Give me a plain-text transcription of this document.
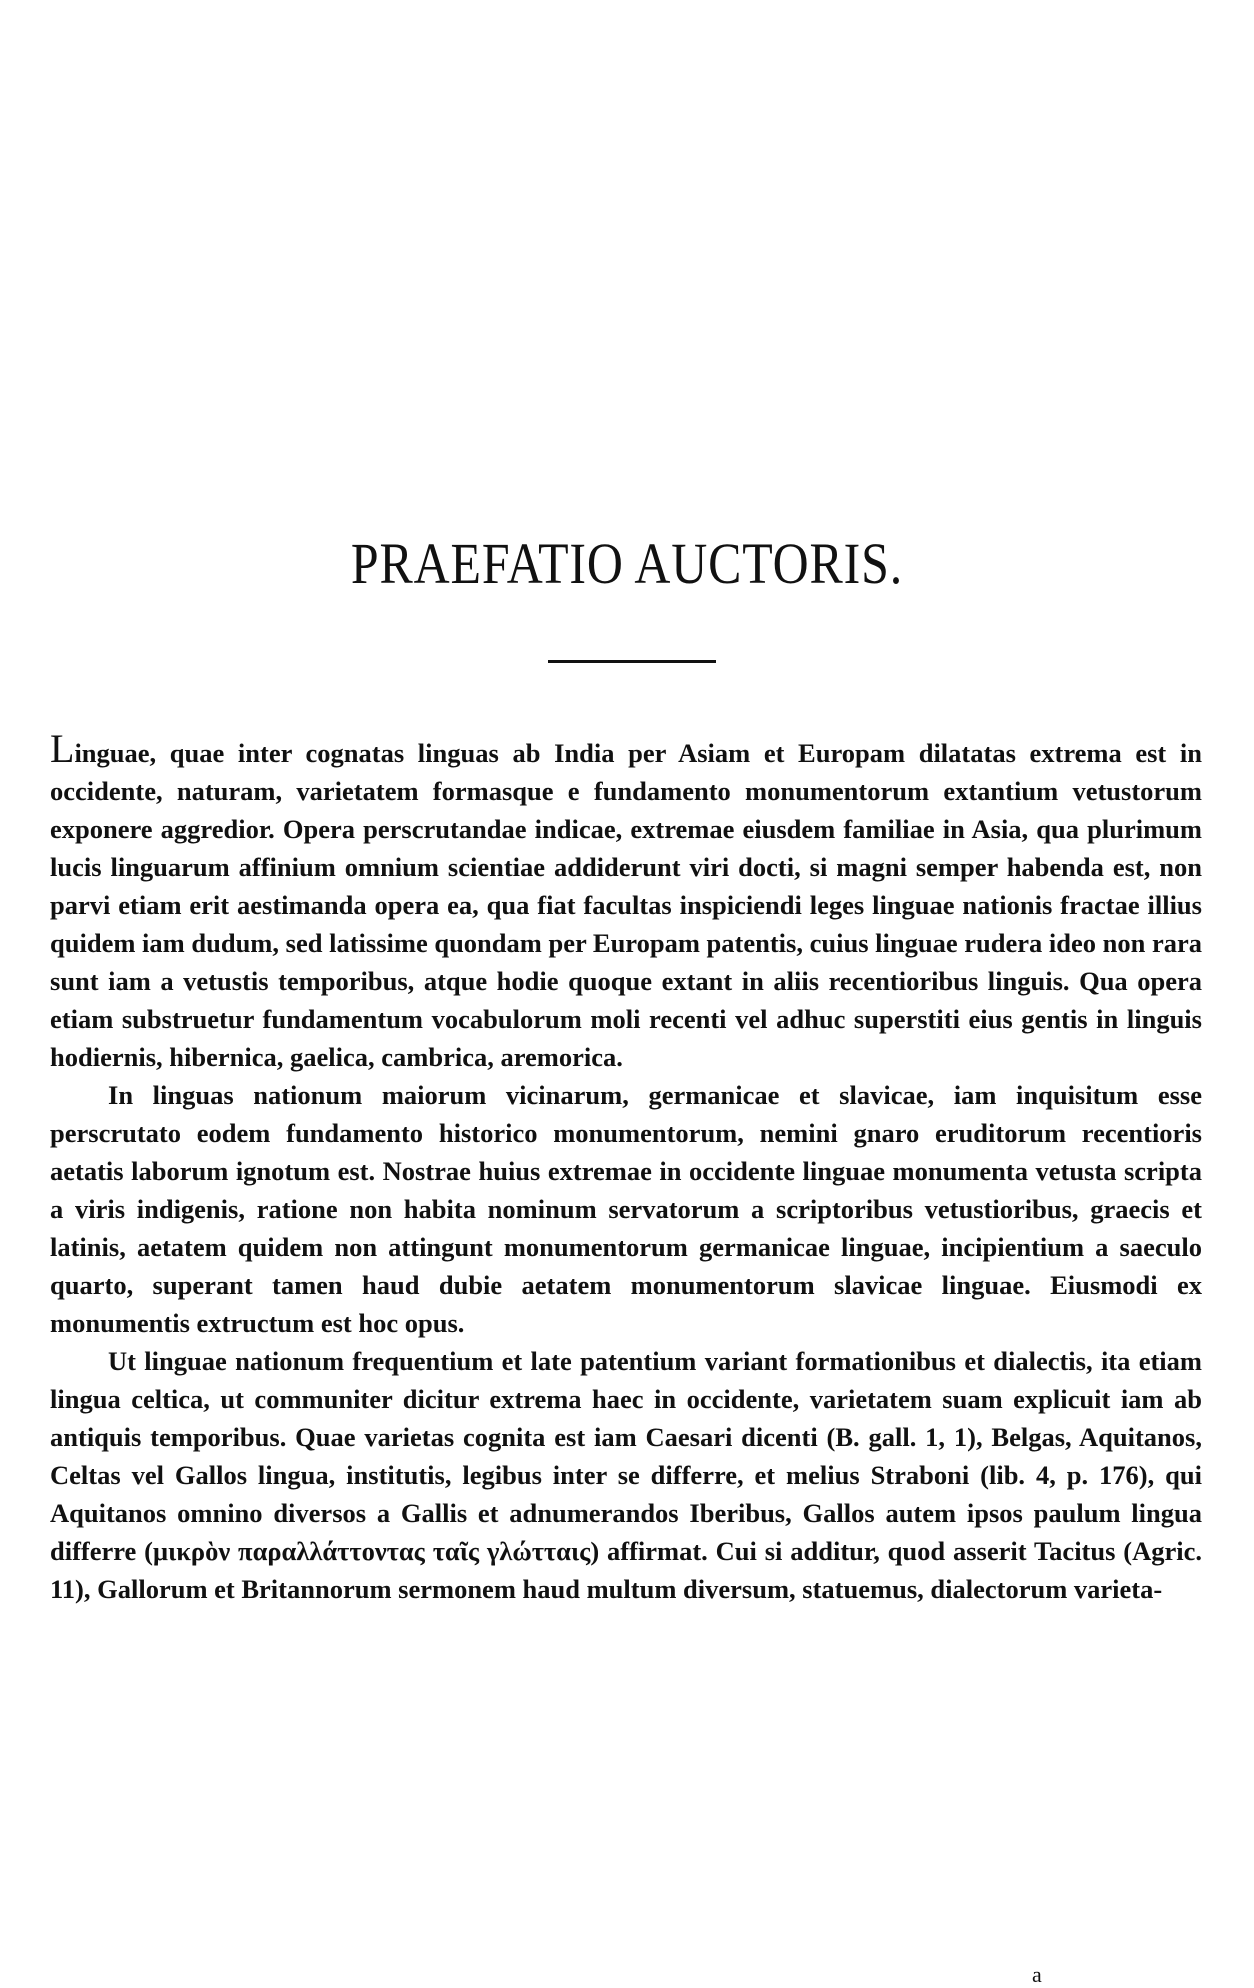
PRAEFATIO AUCTORIS.

Linguae, quae inter cognatas linguas ab India per Asiam et Europam dilatatas extrema est in occidente, naturam, varietatem formasque e fundamento monumentorum extantium vetustorum exponere aggredior. Opera perscrutandae indicae, extremae eiusdem familiae in Asia, qua plurimum lucis linguarum affinium omnium scientiae addiderunt viri docti, si magni semper habenda est, non parvi etiam erit aestimanda opera ea, qua fiat facultas inspiciendi leges linguae nationis fractae illius quidem iam dudum, sed latissime quondam per Europam patentis, cuius linguae rudera ideo non rara sunt iam a vetustis temporibus, atque hodie quoque extant in aliis recentioribus linguis. Qua opera etiam substruetur fundamentum vocabulorum moli recenti vel adhuc superstiti eius gentis in linguis hodiernis, hibernica, gaelica, cambrica, aremorica.

In linguas nationum maiorum vicinarum, germanicae et slavicae, iam inquisitum esse perscrutato eodem fundamento historico monumentorum, nemini gnaro eruditorum recentioris aetatis laborum ignotum est. Nostrae huius extremae in occidente linguae monumenta vetusta scripta a viris indigenis, ratione non habita nominum servatorum a scriptoribus vetustioribus, graecis et latinis, aetatem quidem non attingunt monumentorum germanicae linguae, incipientium a saeculo quarto, superant tamen haud dubie aetatem monumentorum slavicae linguae. Eiusmodi ex monumentis extructum est hoc opus.

Ut linguae nationum frequentium et late patentium variant formationibus et dialectis, ita etiam lingua celtica, ut communiter dicitur extrema haec in occidente, varietatem suam explicuit iam ab antiquis temporibus. Quae varietas cognita est iam Caesari dicenti (B. gall. 1, 1), Belgas, Aquitanos, Celtas vel Gallos lingua, institutis, legibus inter se differre, et melius Straboni (lib. 4, p. 176), qui Aquitanos omnino diversos a Gallis et adnumerandos Iberibus, Gallos autem ipsos paulum lingua differre (μικρὸν παραλλάττοντας ταῖς γλώτταις) affirmat. Cui si additur, quod asserit Tacitus (Agric. 11), Gallorum et Britannorum sermonem haud multum diversum, statuemus, dialectorum varieta-

a
